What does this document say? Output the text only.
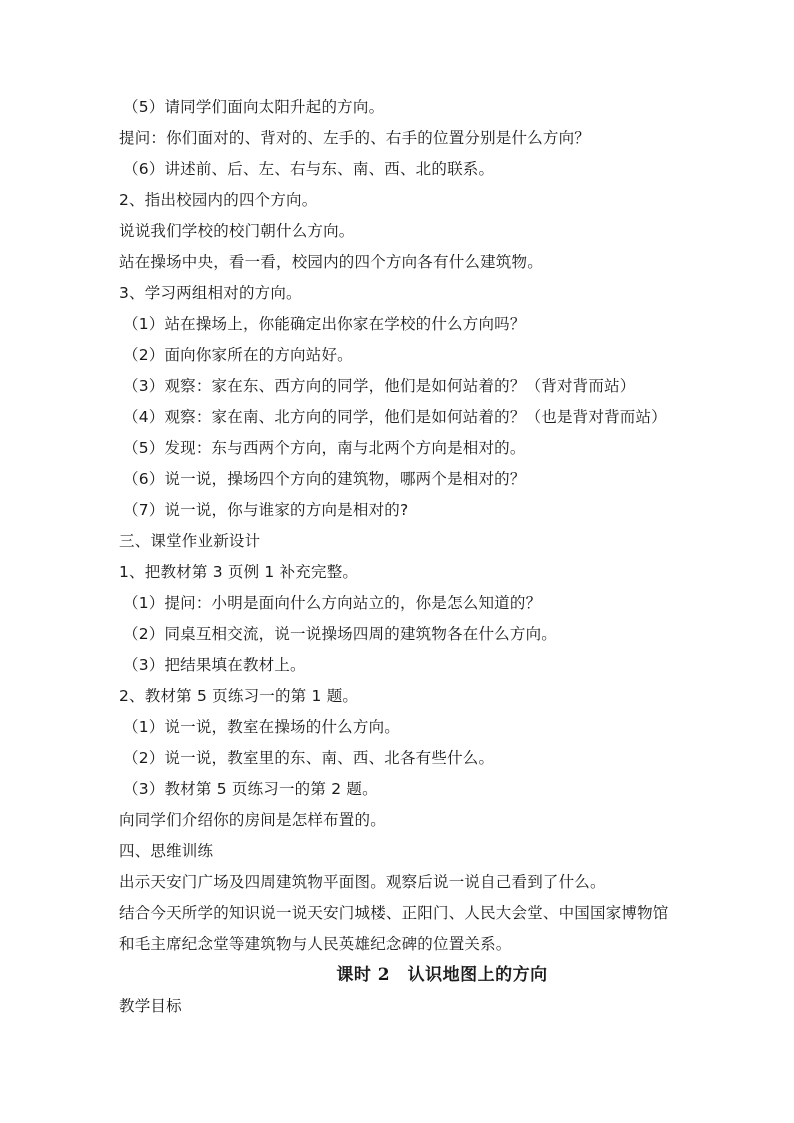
（5）请同学们面向太阳升起的方向。
提问：你们面对的、背对的、左手的、右手的位置分别是什么方向？
（6）讲述前、后、左、右与东、南、西、北的联系。
2、指出校园内的四个方向。
说说我们学校的校门朝什么方向。
站在操场中央，看一看，校园内的四个方向各有什么建筑物。
3、学习两组相对的方向。
（1）站在操场上，你能确定出你家在学校的什么方向吗？
（2）面向你家所在的方向站好。
（3）观察：家在东、西方向的同学，他们是如何站着的？（背对背而站）
（4）观察：家在南、北方向的同学，他们是如何站着的？（也是背对背而站）
（5）发现：东与西两个方向，南与北两个方向是相对的。
（6）说一说，操场四个方向的建筑物，哪两个是相对的？
（7）说一说，你与谁家的方向是相对的?
三、课堂作业新设计
1、把教材第 3 页例 1 补充完整。
（1）提问：小明是面向什么方向站立的，你是怎么知道的？
（2）同桌互相交流，说一说操场四周的建筑物各在什么方向。
（3）把结果填在教材上。
2、教材第 5 页练习一的第 1 题。
（1）说一说，教室在操场的什么方向。
（2）说一说，教室里的东、南、西、北各有些什么。
（3）教材第 5 页练习一的第 2 题。
向同学们介绍你的房间是怎样布置的。
四、思维训练
出示天安门广场及四周建筑物平面图。观察后说一说自己看到了什么。
结合今天所学的知识说一说天安门城楼、正阳门、人民大会堂、中国国家博物馆
和毛主席纪念堂等建筑物与人民英雄纪念碑的位置关系。
课时 2　认识地图上的方向
教学目标
